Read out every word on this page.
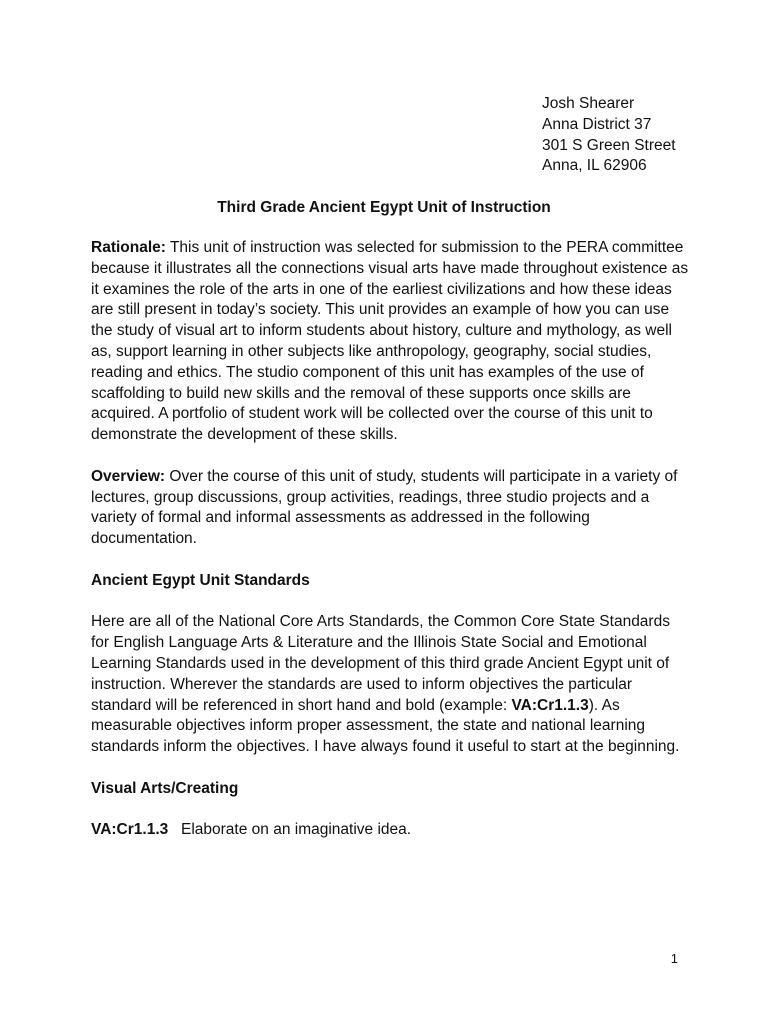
Josh Shearer
Anna District 37
301 S Green Street
Anna, IL 62906
Third Grade Ancient Egypt Unit of Instruction

Rationale: This unit of instruction was selected for submission to the PERA committee because it illustrates all the connections visual arts have made throughout existence as it examines the role of the arts in one of the earliest civilizations and how these ideas are still present in today’s society. This unit provides an example of how you can use the study of visual art to inform students about history, culture and mythology, as well as, support learning in other subjects like anthropology, geography, social studies, reading and ethics. The studio component of this unit has examples of the use of scaffolding to build new skills and the removal of these supports once skills are acquired. A portfolio of student work will be collected over the course of this unit to demonstrate the development of these skills.

Overview: Over the course of this unit of study, students will participate in a variety of lectures, group discussions, group activities, readings, three studio projects and a variety of formal and informal assessments as addressed in the following documentation.

Ancient Egypt Unit Standards

Here are all of the National Core Arts Standards, the Common Core State Standards for English Language Arts & Literature and the Illinois State Social and Emotional Learning Standards used in the development of this third grade Ancient Egypt unit of instruction. Wherever the standards are used to inform objectives the particular standard will be referenced in short hand and bold (example: VA:Cr1.1.3). As measurable objectives inform proper assessment, the state and national learning standards inform the objectives. I have always found it useful to start at the beginning.

Visual Arts/Creating

VA:Cr1.1.3 Elaborate on an imaginative idea.

1
